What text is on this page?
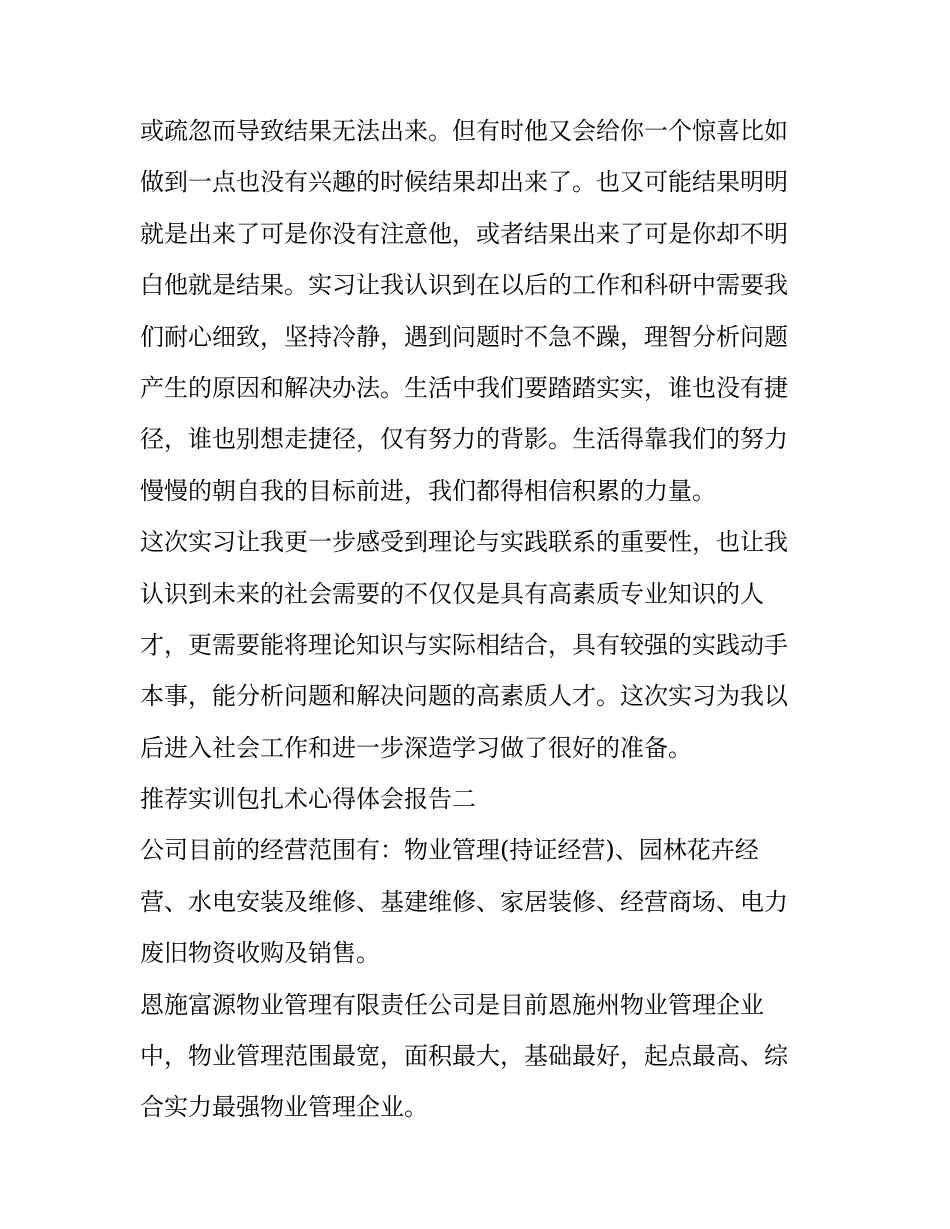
或疏忽而导致结果无法出来。但有时他又会给你一个惊喜比如
做到一点也没有兴趣的时候结果却出来了。也又可能结果明明
就是出来了可是你没有注意他，或者结果出来了可是你却不明
白他就是结果。实习让我认识到在以后的工作和科研中需要我
们耐心细致，坚持冷静，遇到问题时不急不躁，理智分析问题
产生的原因和解决办法。生活中我们要踏踏实实，谁也没有捷
径，谁也别想走捷径，仅有努力的背影。生活得靠我们的努力
慢慢的朝自我的目标前进，我们都得相信积累的力量。
这次实习让我更一步感受到理论与实践联系的重要性，也让我
认识到未来的社会需要的不仅仅是具有高素质专业知识的人
才，更需要能将理论知识与实际相结合，具有较强的实践动手
本事，能分析问题和解决问题的高素质人才。这次实习为我以
后进入社会工作和进一步深造学习做了很好的准备。
推荐实训包扎术心得体会报告二
公司目前的经营范围有：物业管理(持证经营)、园林花卉经
营、水电安装及维修、基建维修、家居装修、经营商场、电力
废旧物资收购及销售。
恩施富源物业管理有限责任公司是目前恩施州物业管理企业
中，物业管理范围最宽，面积最大，基础最好，起点最高、综
合实力最强物业管理企业。
